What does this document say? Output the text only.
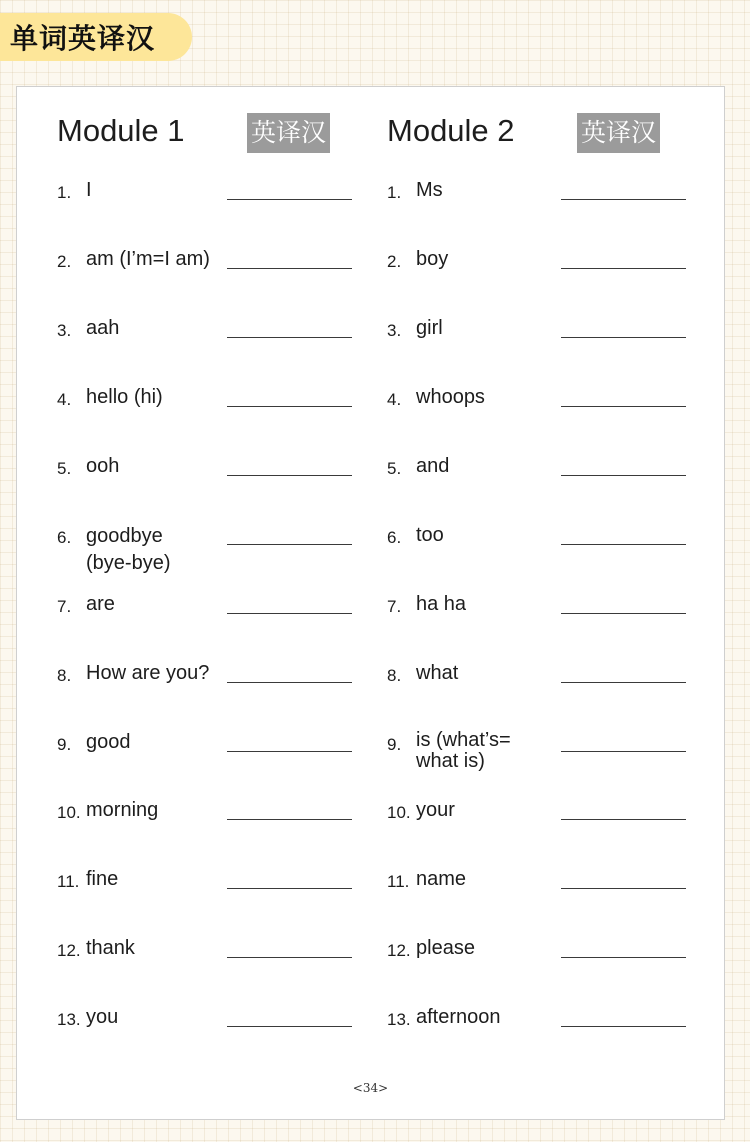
单词英译汉
Module 1	英译汉
1. I
2. am (I’m=I am)
3. aah
4. hello (hi)
5. ooh
6. goodbye (bye-bye)
7. are
8. How are you?
9. good
10. morning
11. fine
12. thank
13. you
Module 2	英译汉
1. Ms
2. boy
3. girl
4. whoops
5. and
6. too
7. ha ha
8. what
9. is (what’s= what is)
10. your
11. name
12. please
13. afternoon
<34>
